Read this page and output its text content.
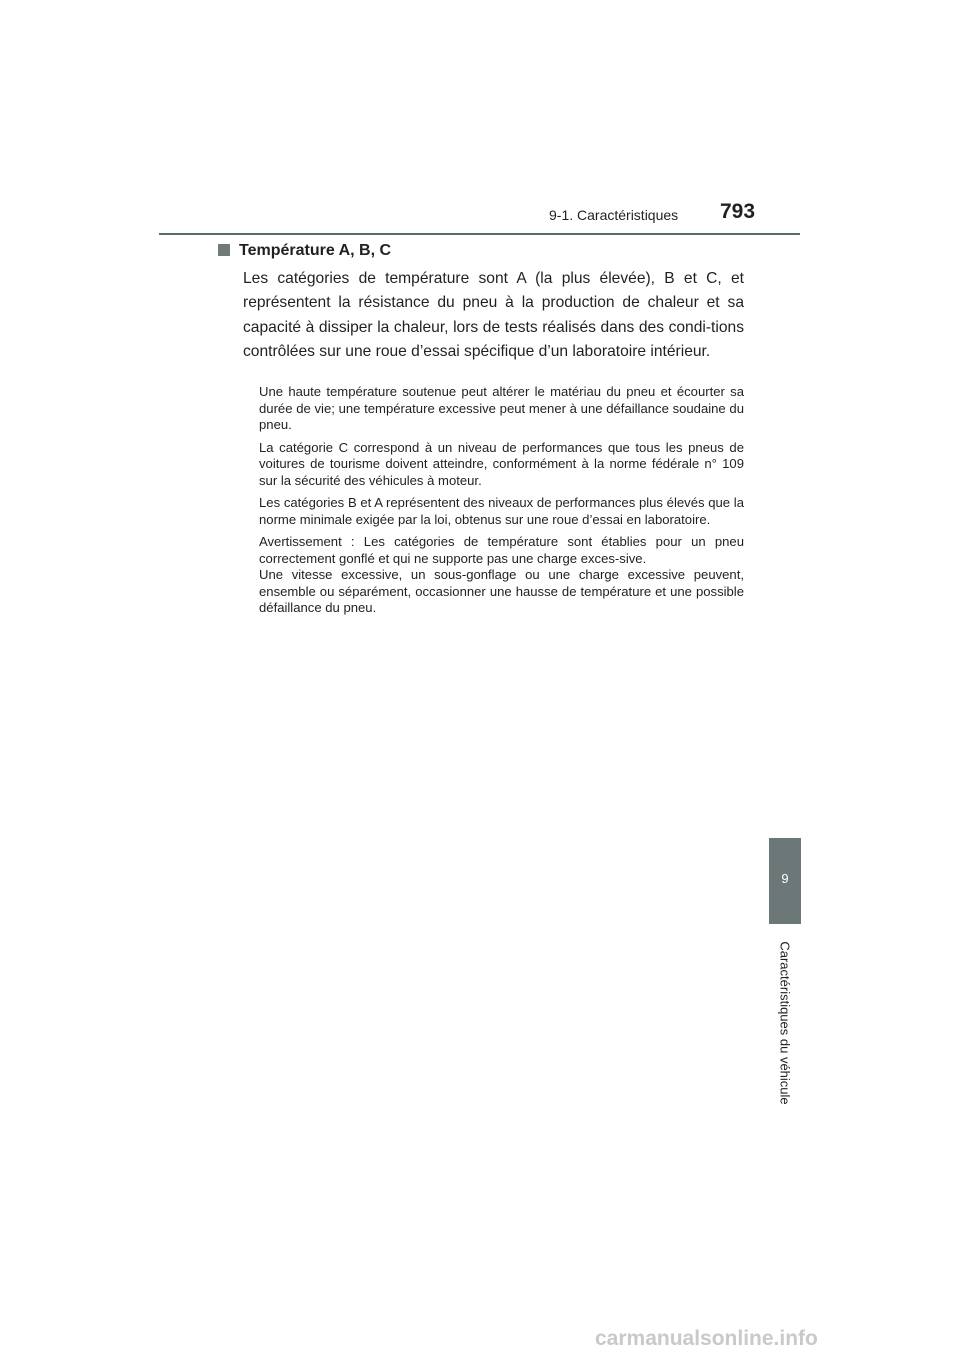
9-1. Caractéristiques 793
Température A, B, C

Les catégories de température sont A (la plus élevée), B et C, et représentent la résistance du pneu à la production de chaleur et sa capacité à dissiper la chaleur, lors de tests réalisés dans des condi-tions contrôlées sur une roue d’essai spécifique d’un laboratoire intérieur.

Une haute température soutenue peut altérer le matériau du pneu et écourter sa durée de vie; une température excessive peut mener à une défaillance soudaine du pneu.

La catégorie C correspond à un niveau de performances que tous les pneus de voitures de tourisme doivent atteindre, conformément à la norme fédérale n° 109 sur la sécurité des véhicules à moteur.

Les catégories B et A représentent des niveaux de performances plus élevés que la norme minimale exigée par la loi, obtenus sur une roue d’essai en laboratoire.

Avertissement : Les catégories de température sont établies pour un pneu correctement gonflé et qui ne supporte pas une charge exces-sive.
Une vitesse excessive, un sous-gonflage ou une charge excessive peuvent, ensemble ou séparément, occasionner une hausse de température et une possible défaillance du pneu.

9
Caractéristiques du véhicule
carmanualsonline.info
